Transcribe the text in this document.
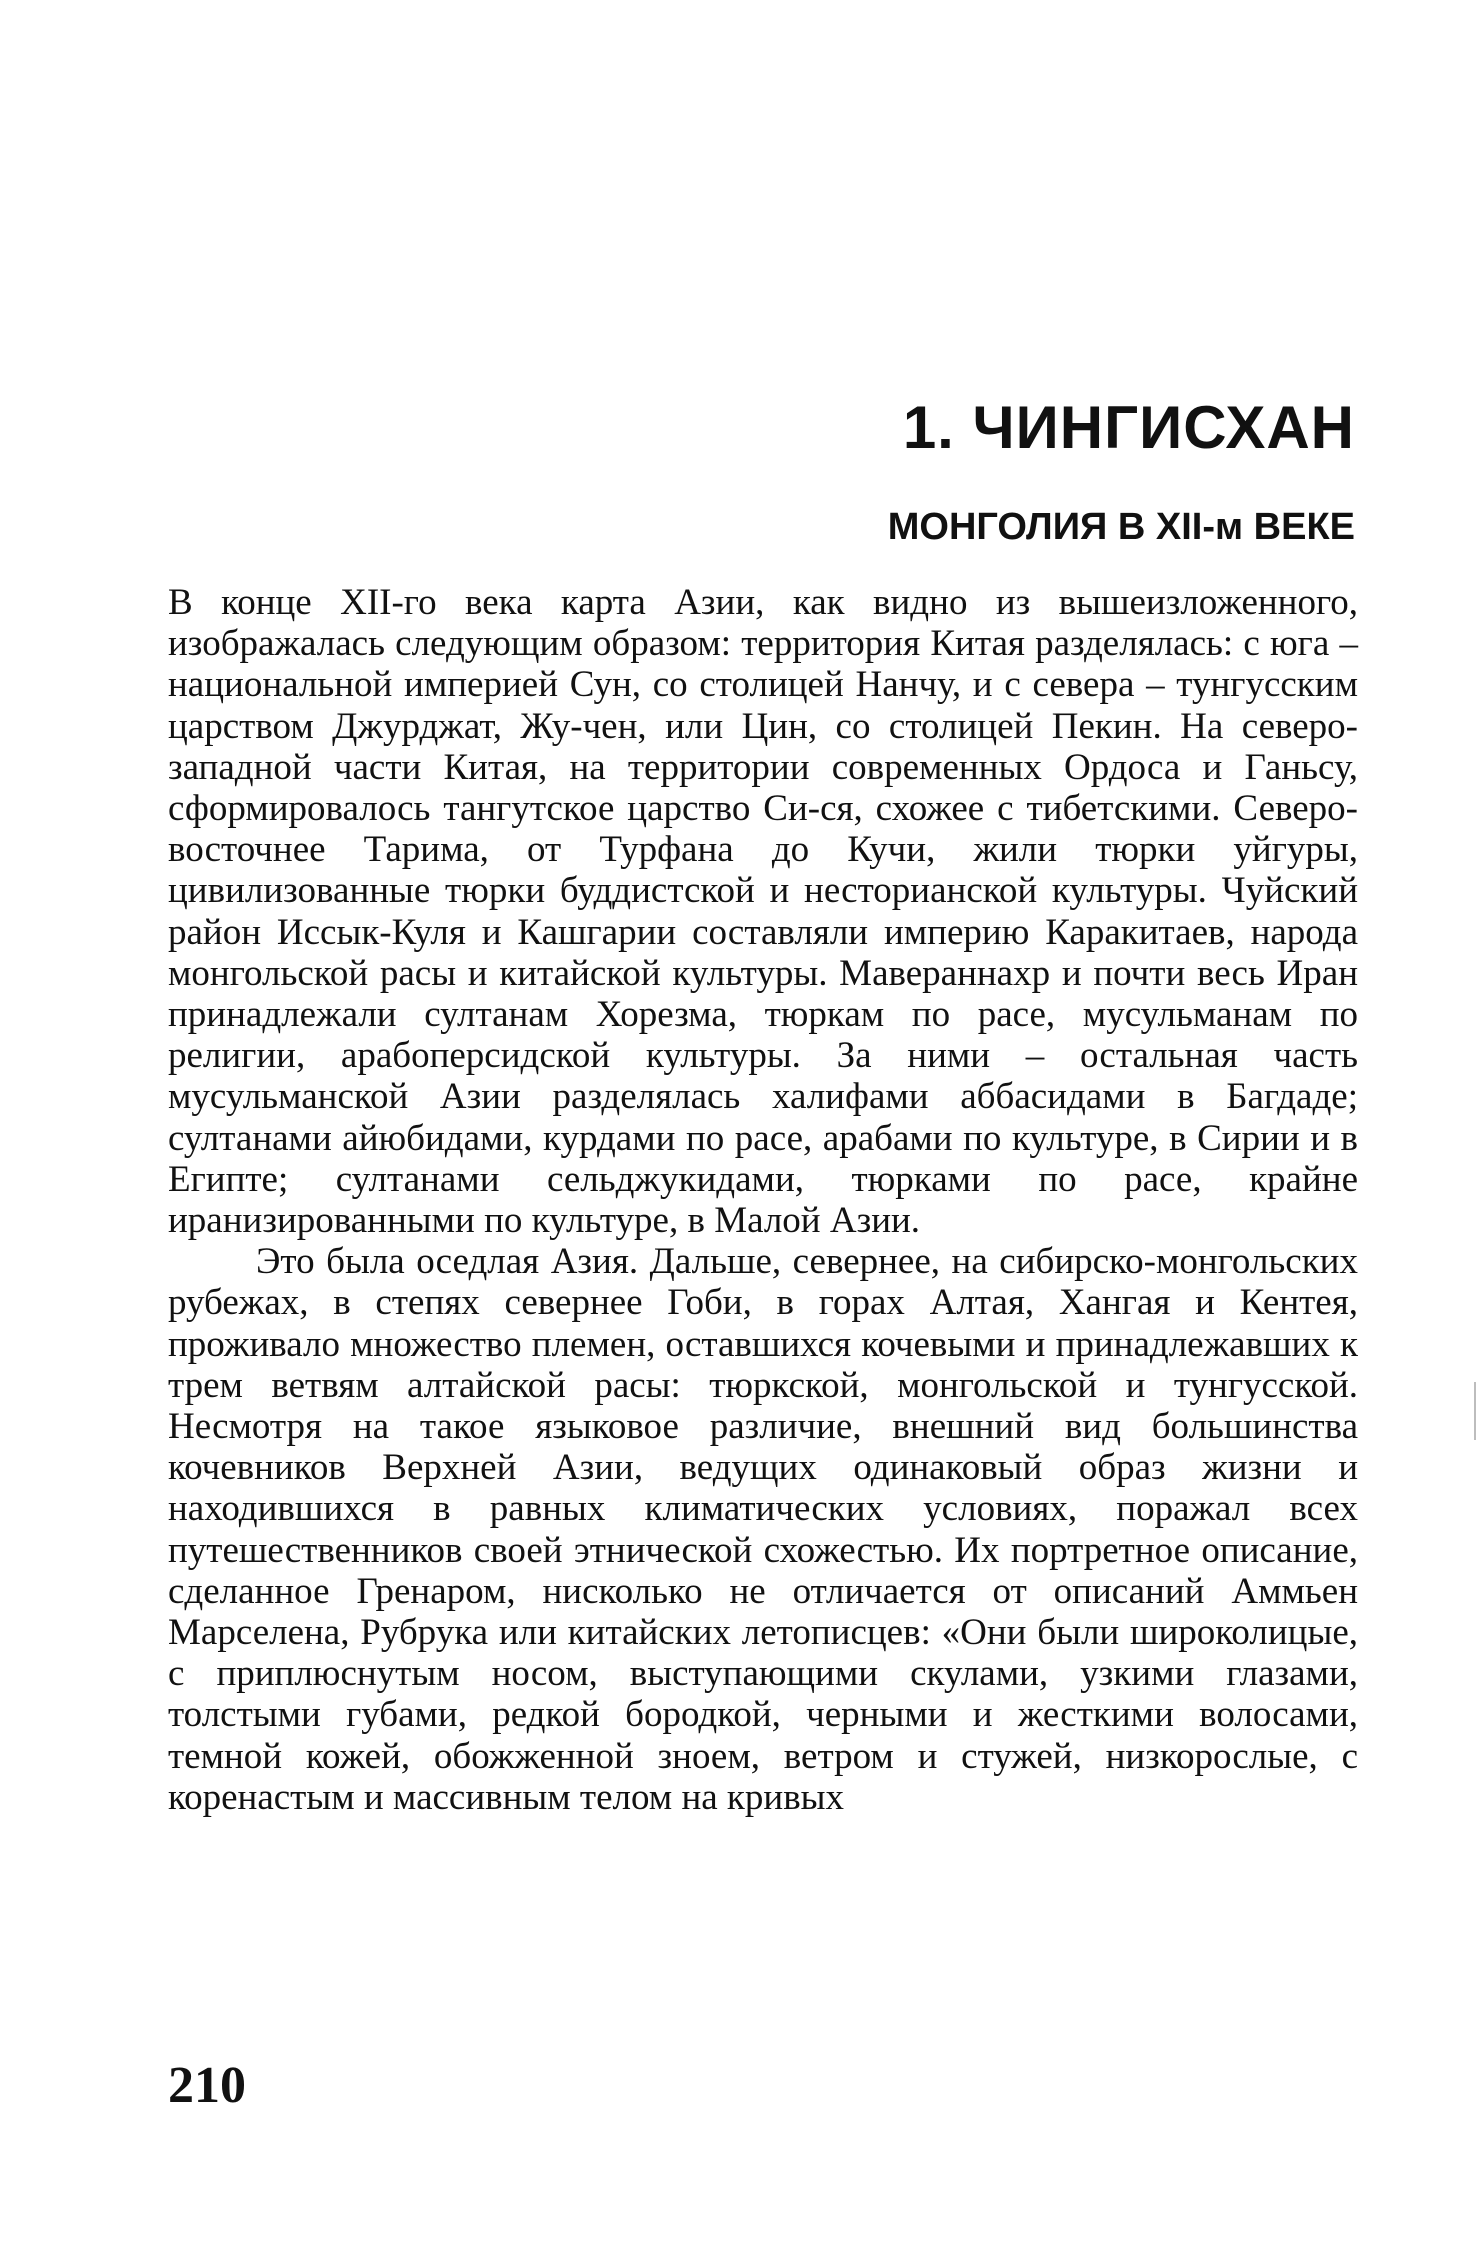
1. ЧИНГИСХАН
МОНГОЛИЯ В XII-м ВЕКЕ

В конце XII-го века карта Азии, как видно из вышеизложенного, изображалась следующим образом: территория Китая разделялась: с юга – национальной империей Сун, со столицей Нанчу, и с севера – тунгусским царством Джурджат, Жу-чен, или Цин, со столицей Пекин. На северо-западной части Китая, на территории современных Ордоса и Ганьсу, сформировалось тангутское царство Си-ся, схожее с тибетскими. Северо-восточнее Тарима, от Турфана до Кучи, жили тюрки уйгуры, цивилизованные тюрки буддистской и несторианской культуры. Чуйский район Иссык-Куля и Кашгарии составляли империю Каракитаев, народа монгольской расы и китайской культуры. Мавераннахр и почти весь Иран принадлежали султанам Хорезма, тюркам по расе, мусульманам по религии, арабоперсидской культуры. За ними – остальная часть мусульманской Азии разделялась халифами аббасидами в Багдаде; султанами айюбидами, курдами по расе, арабами по культуре, в Сирии и в Египте; султанами сельджукидами, тюрками по расе, крайне иранизированными по культуре, в Малой Азии.

Это была оседлая Азия. Дальше, севернее, на сибирско-монгольских рубежах, в степях севернее Гоби, в горах Алтая, Хангая и Кентея, проживало множество племен, оставшихся кочевыми и принадлежавших к трем ветвям алтайской расы: тюркской, монгольской и тунгусской. Несмотря на такое языковое различие, внешний вид большинства кочевников Верхней Азии, ведущих одинаковый образ жизни и находившихся в равных климатических условиях, поражал всех путешественников своей этнической схожестью. Их портретное описание, сделанное Гренаром, нисколько не отличается от описаний Аммьен Марселена, Рубрука или китайских летописцев: «Они были широколицые, с приплюснутым носом, выступающими скулами, узкими глазами, толстыми губами, редкой бородкой, черными и жесткими волосами, темной кожей, обожженной зноем, ветром и стужей, низкорослые, с коренастым и массивным телом на кривых

210
